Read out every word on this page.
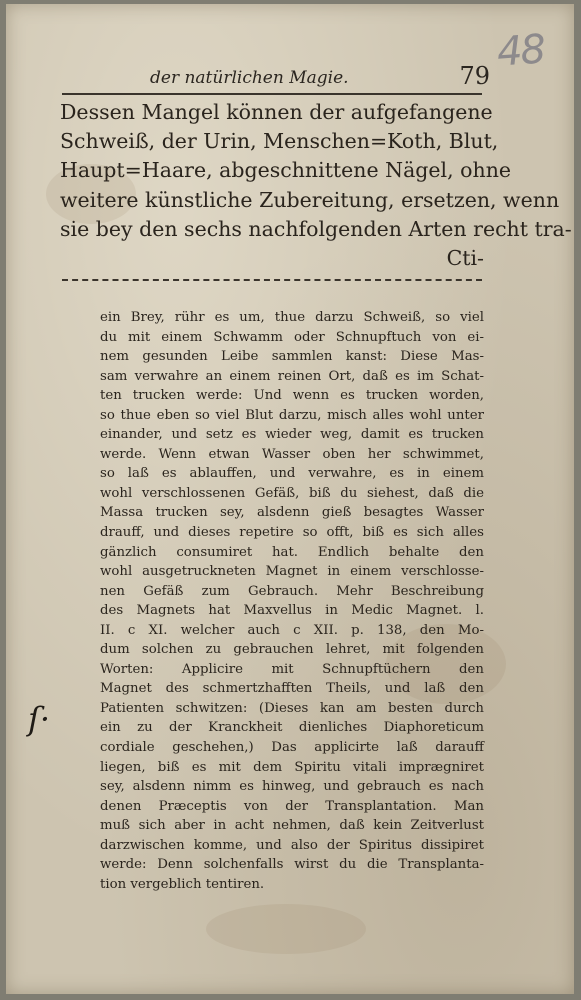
48
der natürlichen Magie.	79
Dessen Mangel können der aufgefangene
Schweiß, der Urin, Menschen=Koth, Blut,
Haupt=Haare, abgeschnittene Nägel, ohne
weitere künstliche Zubereitung, ersetzen, wenn
sie bey den sechs nachfolgenden Arten recht tra-
Cti-
ein Brey, rühr es um, thue darzu Schweiß, so viel
du mit einem Schwamm oder Schnupftuch von ei-
nem gesunden Leibe sammlen kanst: Diese Mas-
sam verwahre an einem reinen Ort, daß es im Schat-
ten trucken werde: Und wenn es trucken worden,
so thue eben so viel Blut darzu, misch alles wohl unter
einander, und setz es wieder weg, damit es trucken
werde. Wenn etwan Wasser oben her schwimmet,
so laß es ablauffen, und verwahre, es in einem
wohl verschlossenen Gefäß, biß du siehest, daß die
Massa trucken sey, alsdenn gieß besagtes Wasser
drauff, und dieses repetire so offt, biß es sich alles
gänzlich consumiret hat. Endlich behalte den
wohl ausgetruckneten Magnet in einem verschlosse-
nen Gefäß zum Gebrauch. Mehr Beschreibung
des Magnets hat Maxvellus in Medic Magnet. l.
II. c XI. welcher auch c XII. p. 138, den Mo-
dum solchen zu gebrauchen lehret, mit folgenden
Worten: Applicire mit Schnupftüchern den
Magnet des schmertzhafften Theils, und laß den
Patienten schwitzen: (Dieses kan am besten durch
ein zu der Kranckheit dienliches Diaphoreticum
cordiale geschehen,) Das applicirte laß darauff
liegen, biß es mit dem Spiritu vitali imprægniret
sey, alsdenn nimm es hinweg, und gebrauch es nach
denen Præceptis von der Transplantation. Man
muß sich aber in acht nehmen, daß kein Zeitverlust
darzwischen komme, und also der Spiritus dissipiret
werde: Denn solchenfalls wirst du die Transplanta-
tion vergeblich tentiren.
ſ·
